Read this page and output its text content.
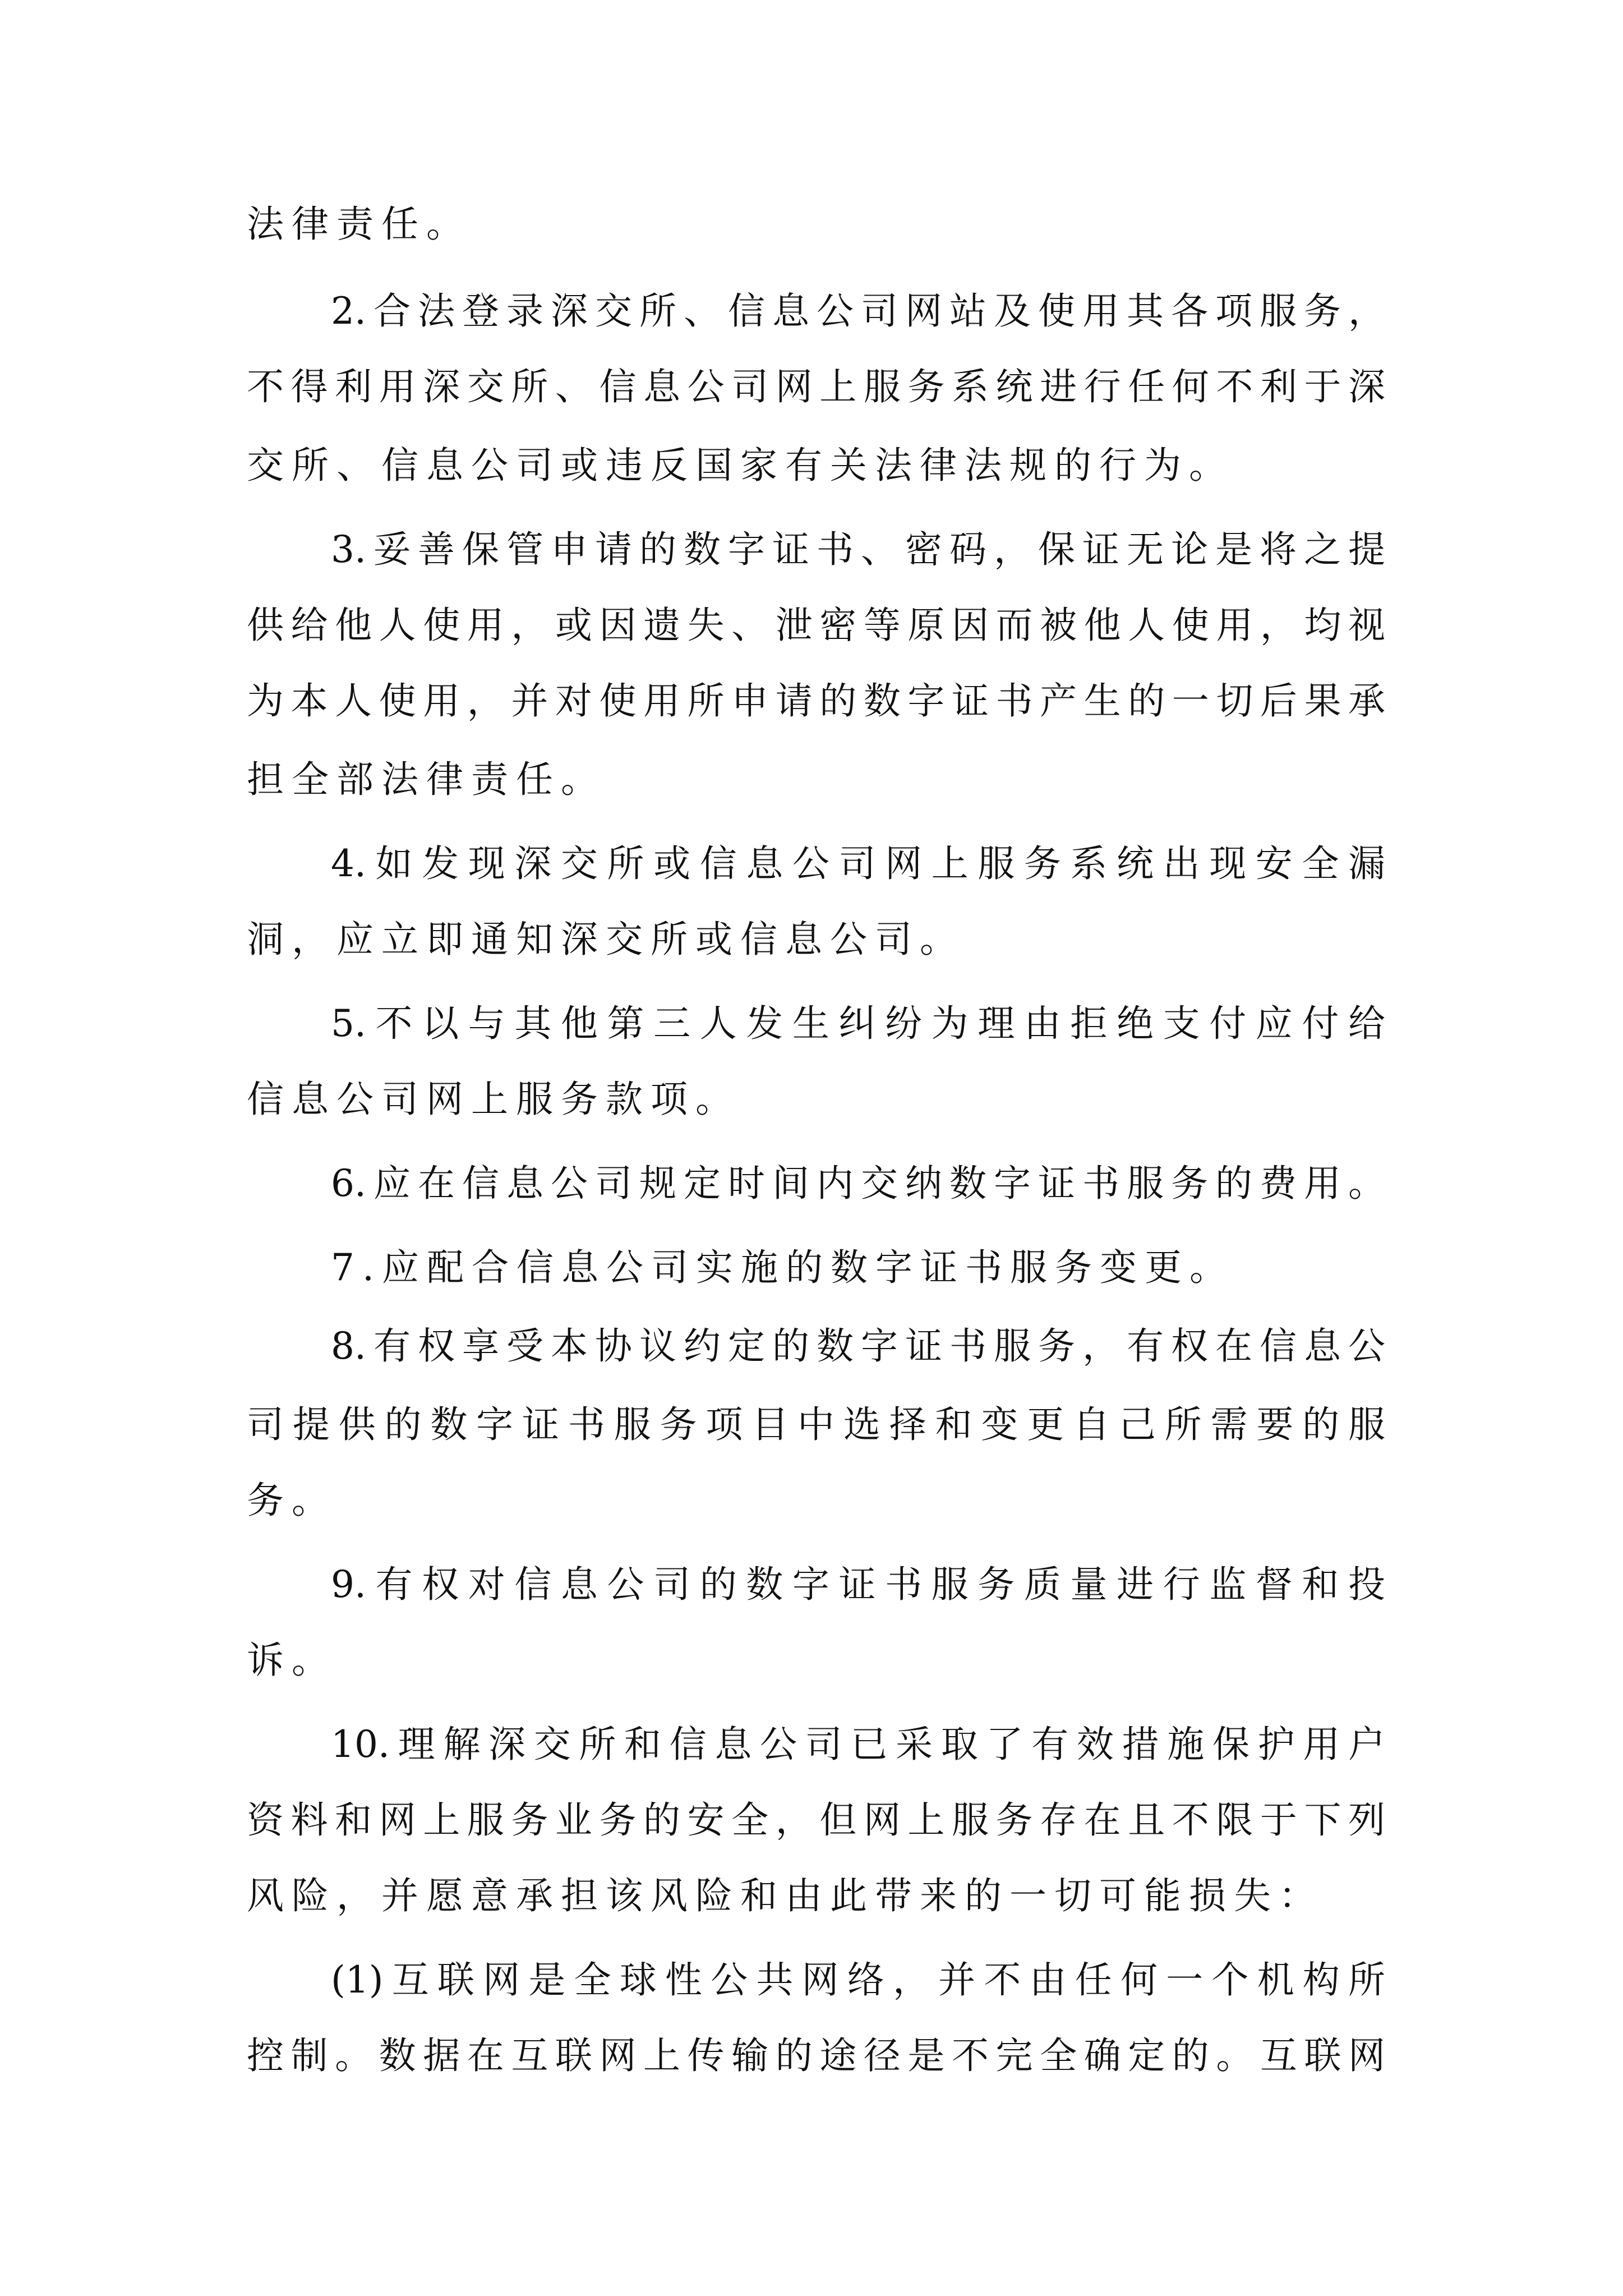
法律责任。

2.合法登录深交所、信息公司网站及使用其各项服务，

不得利用深交所、信息公司网上服务系统进行任何不利于深

交所、信息公司或违反国家有关法律法规的行为。

3.妥善保管申请的数字证书、密码，保证无论是将之提

供给他人使用，或因遗失、泄密等原因而被他人使用，均视

为本人使用，并对使用所申请的数字证书产生的一切后果承

担全部法律责任。

4.如发现深交所或信息公司网上服务系统出现安全漏

洞，应立即通知深交所或信息公司。

5.不以与其他第三人发生纠纷为理由拒绝支付应付给

信息公司网上服务款项。

6.应在信息公司规定时间内交纳数字证书服务的费用。

7.应配合信息公司实施的数字证书服务变更。

8.有权享受本协议约定的数字证书服务，有权在信息公

司提供的数字证书服务项目中选择和变更自己所需要的服

务。

9.有权对信息公司的数字证书服务质量进行监督和投

诉。

10.理解深交所和信息公司已采取了有效措施保护用户

资料和网上服务业务的安全，但网上服务存在且不限于下列

风险，并愿意承担该风险和由此带来的一切可能损失：

(1)互联网是全球性公共网络，并不由任何一个机构所

控制。数据在互联网上传输的途径是不完全确定的。互联网
